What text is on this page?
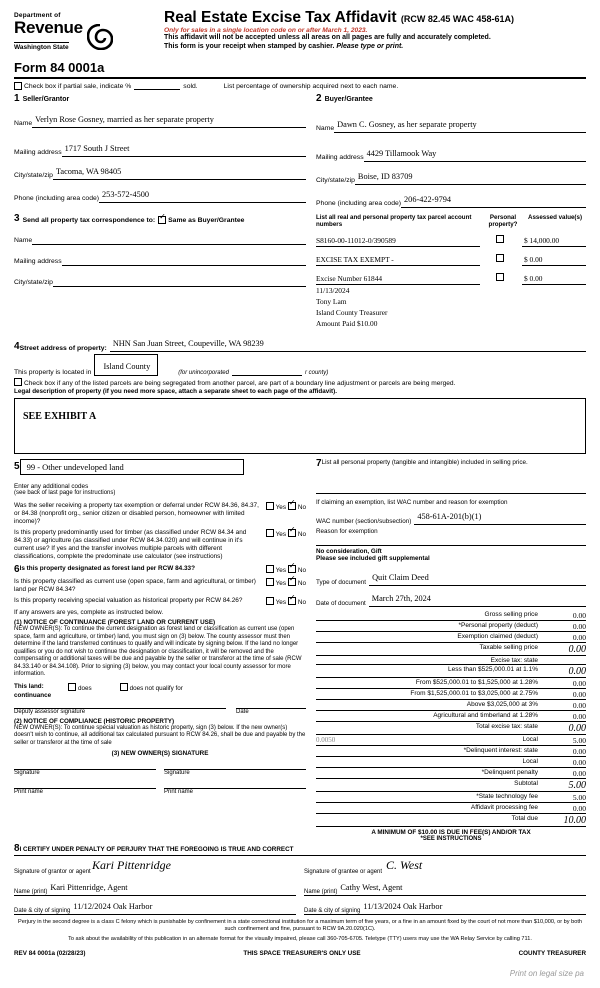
Department of
Revenue
Washington State
Form 84 0001a
Real Estate Excise Tax Affidavit (RCW 82.45 WAC 458-61A)
Only for sales in a single location code on or after March 1, 2023.
This affidavit will not be accepted unless all areas on all pages are fully and accurately completed.
This form is your receipt when stamped by cashier. Please type or print.
Check box if partial sale, indicate %	sold.	List percentage of ownership acquired next to each name.
1 Seller/Grantor
Name Verlyn Rose Gosney, married as her separate property
Mailing address 1717 South J Street
City/state/zip Tacoma, WA 98405
Phone (including area code) 253-572-4500
2 Buyer/Grantee
Name Dawn C. Gosney, as her separate property
Mailing address 4429 Tillamook Way
City/state/zip Boise, ID 83709
Phone (including area code) 206-422-9794
3 Send all property tax correspondence to: ✓ Same as Buyer/Grantee
Name
Mailing address
City/state/zip
List all real and personal property tax parcel account numbers
Personal property?
Assessed value(s)
S8160-00-11012-0/390589	$ 14,000.00
EXCISE TAX EXEMPT -	$ 0.00
Excise Number 61844	$ 0.00
11/13/2024
Tony Lam
Island County Treasurer
Amount Paid $10.00
4 Street address of property:
NHN San Juan Street, Coupeville, WA 98239
This property is located in
Island County
(for unincorporated	r county)
Check box if any of the listed parcels are being segregated from another parcel, are part of a boundary line adjustment or parcels are being merged.
Legal description of property (if you need more space, attach a separate sheet to each page of the affidavit).
SEE EXHIBIT A
5 99 - Other undeveloped land
Enter any additional codes
(see back of last page for instructions)
Was the seller receiving a property tax exemption or deferral under RCW 84.36, 84.37, or 84.38 (nonprofit org., senior citizen or disabled person, homeowner with limited income)?
Yes ✓ No
Is this property predominantly used for timber (as classified under RCW 84.34 and 84.33) or agriculture (as classified under RCW 84.34.020) and will continue in it's current use? If yes and the transfer involves multiple parcels with different classifications, complete the predominate use calculator (see instructions)
Yes ✓ No
6 Is this property designated as forest land per RCW 84.33?	Yes ✓ No
Is this property classified as current use (open space, farm and agricultural, or timber) land per RCW 84.34?
Yes ✓ No
Is this property receiving special valuation as historical property per RCW 84.26?	Yes ✓ No
If any answers are yes, complete as instructed below.
(1) NOTICE OF CONTINUANCE (FOREST LAND OR CURRENT USE)
NEW OWNER(S): To continue the current designation as forest land or classification as current use (open space, farm and agriculture, or timber) land, you must sign on (3) below. The county assessor must then determine if the land transferred continues to qualify and will indicate by signing below. If the land no longer qualifies or you do not wish to continue the designation or classification, it will be removed and the compensating or additional taxes will be due and payable by the seller or transferor at the time of sale (RCW 84.33.140 or 84.34.108). Prior to signing (3) below, you may contact your local county assessor for more information.
This land:	does	does not qualify for
continuance
Deputy assessor signature	Date
(2) NOTICE OF COMPLIANCE (HISTORIC PROPERTY)
NEW OWNER(S): To continue special valuation as historic property, sign (3) below. If the new owner(s) doesn't wish to continue, all additional tax calculated pursuant to RCW 84.26, shall be due and payable by the seller or transferor at the time of sale
(3) NEW OWNER(S) SIGNATURE
Signature	Signature
Print name	Print name
7 List all personal property (tangible and intangible) included in selling price.
If claiming an exemption, list WAC number and reason for exemption
WAC number (section/subsection)
458-61A-201(b)(1)
Reason for exemption
No consideration, Gift
Please see included gift supplemental
Type of document
Quit Claim Deed
Date of document
March 27th, 2024
Gross selling price	0.00
*Personal property (deduct)	0.00
Exemption claimed (deduct)	0.00
Taxable selling price	0.00
Excise tax: state
Less than $525,000.01 at 1.1%	0.00
From $525,000.01 to $1,525,000 at 1.28%	0.00
From $1,525,000.01 to $3,025,000 at 2.75%	0.00
Above $3,025,000 at 3%	0.00
Agricultural and timberland at 1.28%	0.00
Total excise tax: state	0.00
0.0050	Local	5.00
*Delinquent interest: state	0.00
Local	0.00
*Delinquent penalty	0.00
Subtotal	5.00
*State technology fee	5.00
Affidavit processing fee	0.00
Total due	10.00
A MINIMUM OF $10.00 IS DUE IN FEE(S) AND/OR TAX
*SEE INSTRUCTIONS
8 I CERTIFY UNDER PENALTY OF PERJURY THAT THE FOREGOING IS TRUE AND CORRECT
Signature of grantor or agent Kari Pittenridge
Name (print) Kari Pittenridge, Agent
Date & city of signing 11/12/2024 Oak Harbor
Signature of grantee or agent C. West
Name (print) Cathy West, Agent
Date & city of signing 11/13/2024 Oak Harbor
Perjury in the second degree is a class C felony which is punishable by confinement in a state correctional institution for a maximum term of five years, or a fine in an amount fixed by the court of not more than $10,000, or by both such confinement and fine, pursuant to RCW 9A.20.020(1C).
To ask about the availability of this publication in an alternate format for the visually impaired, please call 360-705-6705. Teletype (TTY) users may use the WA Relay Service by calling 711.
REV 84 0001a (02/28/23)	THIS SPACE TREASURER'S ONLY USE	COUNTY TREASURER
Print on legal size pa
